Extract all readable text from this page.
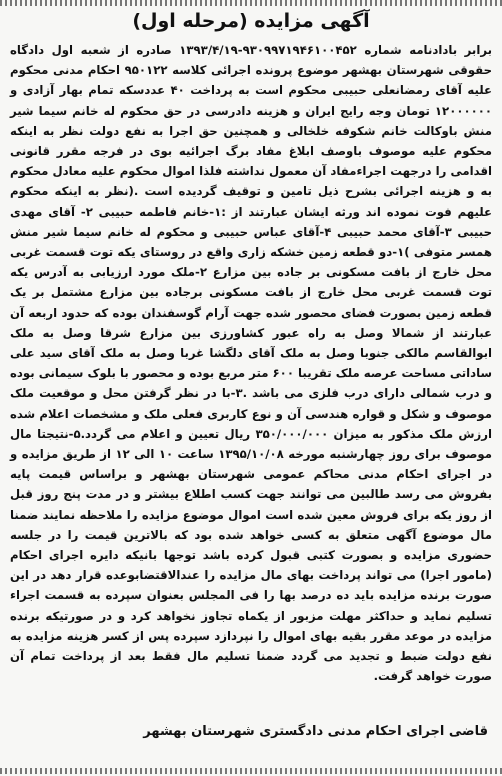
آگهی مزایده (مرحله اول)
برابر بادادنامه شماره ۹۳۰۹۹۷۱۹۴۶۱۰۰۴۵۲-۱۳۹۳/۴/۱۹ صادره از شعبه اول دادگاه حقوقی شهرستان بهشهر موضوع پرونده اجرائی کلاسه ۹۵۰۱۲۲ احکام مدنی محکوم علیه آقای رمضانعلی حبیبی محکوم است به پرداخت ۴۰ عددسکه تمام بهار آزادی و ۱۲۰۰۰۰۰۰ تومان وجه رایج ایران و هزینه دادرسی در حق محکوم له خانم سیما شیر منش باوکالت خانم شکوفه خلخالی و همچنین حق اجرا به نفع دولت نظر به اینکه محکوم علیه موصوف باوصف ابلاغ مفاد برگ اجرائیه بوی در فرجه مقرر قانونی اقدامی را درجهت اجراءمفاد آن معمول نداشته فلذا اموال محکوم علیه معادل محکوم به و هزینه اجرائی بشرح ذیل تامین و توقیف گردیده است .(نظر به اینکه محکوم علیهم فوت نموده اند ورثه ایشان عبارتند از :۱-خانم فاطمه حبیبی ۲- آقای مهدی حبیبی ۳-آقای محمد حبیبی ۴-آقای عباس حبیبی و محکوم له خانم سیما شیر منش همسر متوفی )۱-دو قطعه زمین خشکه زاری واقع در روستای یکه توت قسمت غربی محل خارج از بافت مسکونی بر جاده بین مزارع ۲-ملک مورد ارزیابی به آدرس یکه توت قسمت غربی محل خارج از بافت مسکونی برجاده بین مزارع مشتمل بر یک قطعه زمین بصورت فضای محصور شده جهت آرام گوسفندان بوده که حدود اربعه آن عبارتند از شمالا وصل به راه عبور کشاورزی بین مزارع شرقا وصل به ملک ابوالقاسم مالکی جنوبا وصل به ملک آقای دلگشا غربا وصل به ملک آقای سید علی ساداتی مساحت عرصه ملک تقریبا ۶۰۰ متر مربع بوده و محصور با بلوک سیمانی بوده و درب شمالی دارای درب فلزی می باشد .۳-با در نظر گرفتن محل و موقعیت ملک موصوف و شکل و قواره هندسی آن و نوع کاربری فعلی ملک و مشخصات اعلام شده ارزش ملک مذکور به میزان ۳۵۰/۰۰۰/۰۰۰ ریال تعیین و اعلام می گردد.۵-نتیجتا مال موصوف برای روز چهارشنبه مورخه ۱۳۹۵/۱۰/۰۸ ساعت ۱۰ الی ۱۲ از طریق مزایده و در اجرای احکام مدنی محاکم عمومی شهرستان بهشهر و براساس قیمت پایه بفروش می رسد طالبین می توانند جهت کسب اطلاع بیشتر و در مدت پنج روز قبل از روز یکه برای فروش معین شده است اموال موضوع مزایده را ملاحظه نمایند ضمنا مال موضوع آگهی متعلق به کسی خواهد شده بود که بالاترین قیمت را در جلسه حضوری مزایده و بصورت کتبی قبول کرده باشد توجها بانیکه دایره اجرای احکام (مامور اجرا) می تواند پرداخت بهای مال مزایده را عندالاقتضابوعده قرار دهد در این صورت برنده مزایده باید ده درصد بها را فی المجلس بعنوان سپرده به قسمت اجراء تسلیم نماید و حداکثر مهلت مزبور از یکماه تجاوز نخواهد کرد و در صورتیکه برنده مزایده در موعد مقرر بقیه بهای اموال را نپردازد سپرده پس از کسر هزینه مزایده به نفع دولت ضبط و تجدید می گردد ضمنا تسلیم مال فقط بعد از پرداخت تمام آن صورت خواهد گرفت.
قاضی اجرای احکام مدنی دادگستری شهرستان بهشهر
